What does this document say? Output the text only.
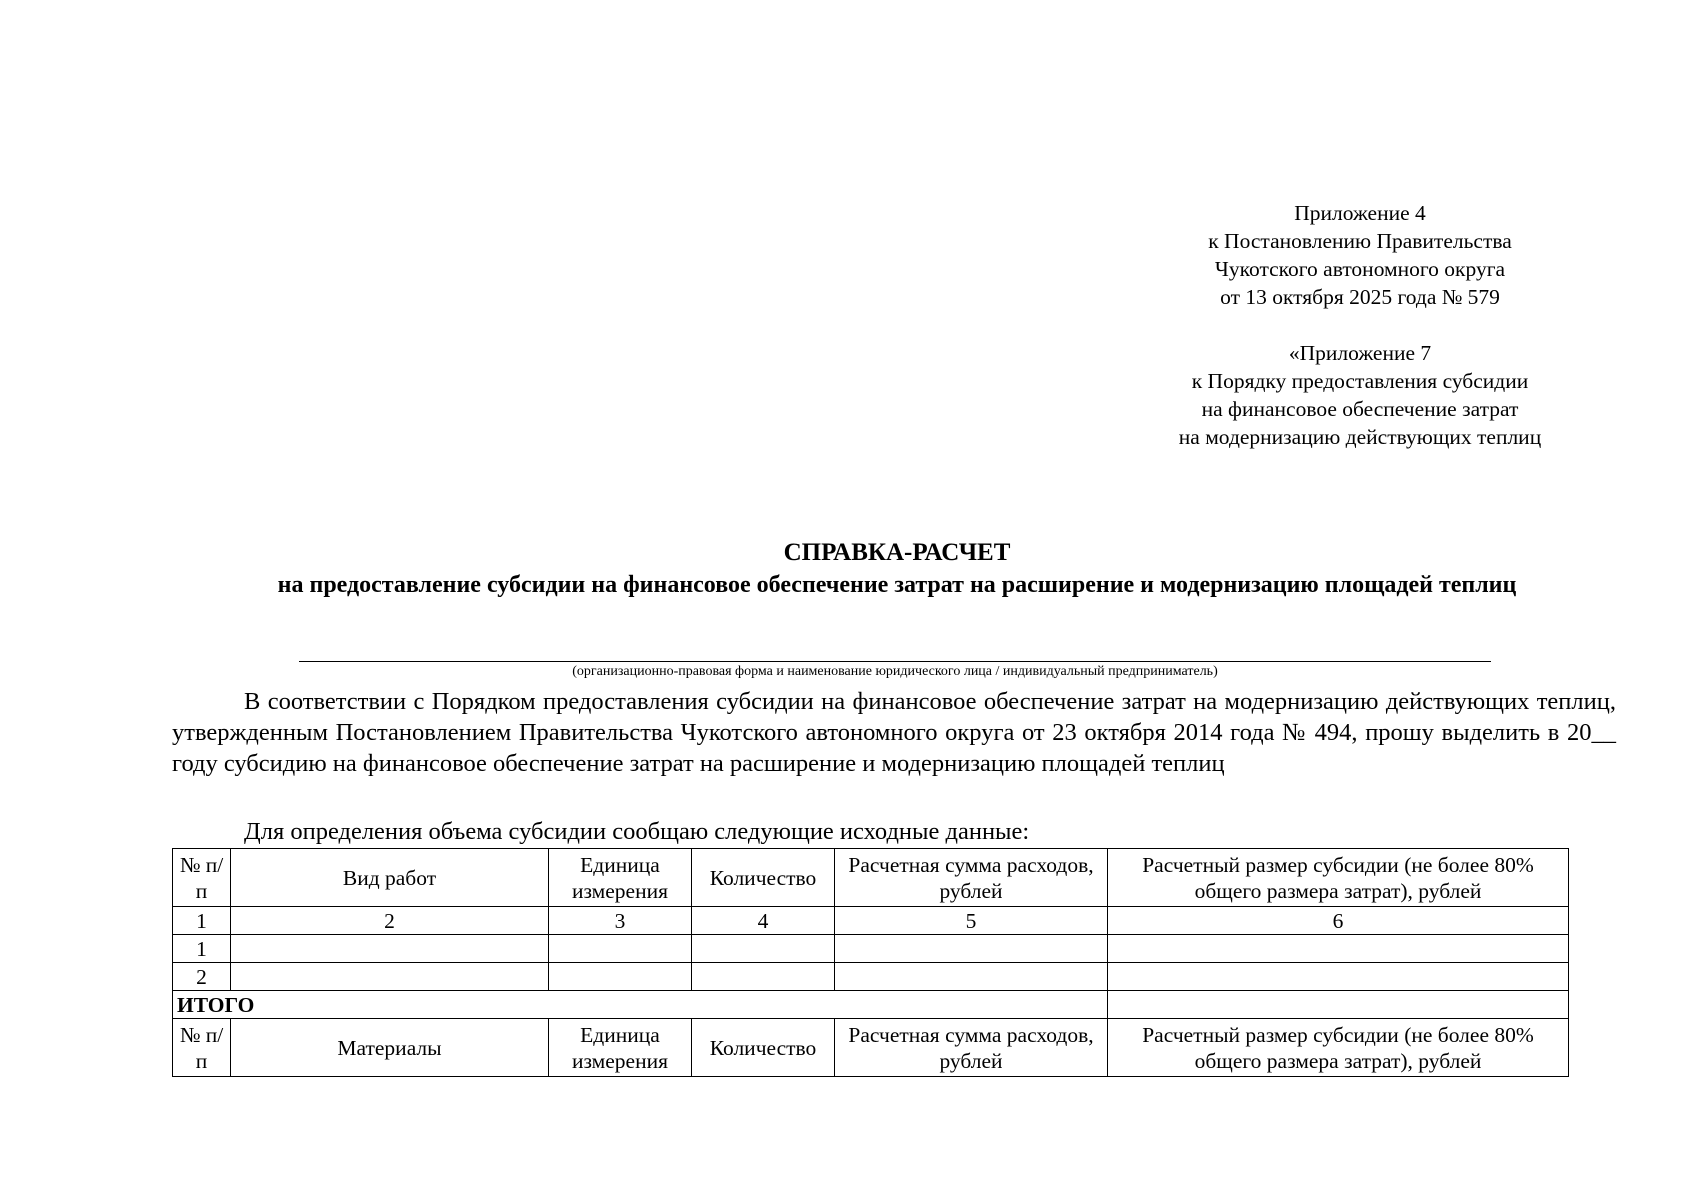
Приложение 4

к Постановлению Правительства

Чукотского автономного округа

от 13 октября 2025 года № 579

«Приложение 7

к Порядку предоставления субсидии

на финансовое обеспечение затрат

на модернизацию действующих теплиц

СПРАВКА-РАСЧЕТ
на предоставление субсидии на финансовое обеспечение затрат на расширение и модернизацию площадей теплиц
(организационно-правовая форма и наименование юридического лица / индивидуальный предприниматель)

В соответствии с Порядком предоставления субсидии на финансовое обеспечение затрат на модернизацию действующих теплиц, утвержденным Постановлением Правительства Чукотского автономного округа от 23 октября 2014 года № 494, прошу выделить в 20__ году субсидию на финансовое обеспечение затрат на расширение и модернизацию площадей теплиц

Для определения объема субсидии сообщаю следующие исходные данные:

№ п/п	Вид работ	Единица измерения	Количество	Расчетная сумма расходов, рублей	Расчетный размер субсидии (не более 80% общего размера затрат), рублей
1	2	3	4	5	6
1					
2					
ИТОГО					
№ п/п	Материалы	Единица измерения	Количество	Расчетная сумма расходов, рублей	Расчетный размер субсидии (не более 80% общего размера затрат), рублей
